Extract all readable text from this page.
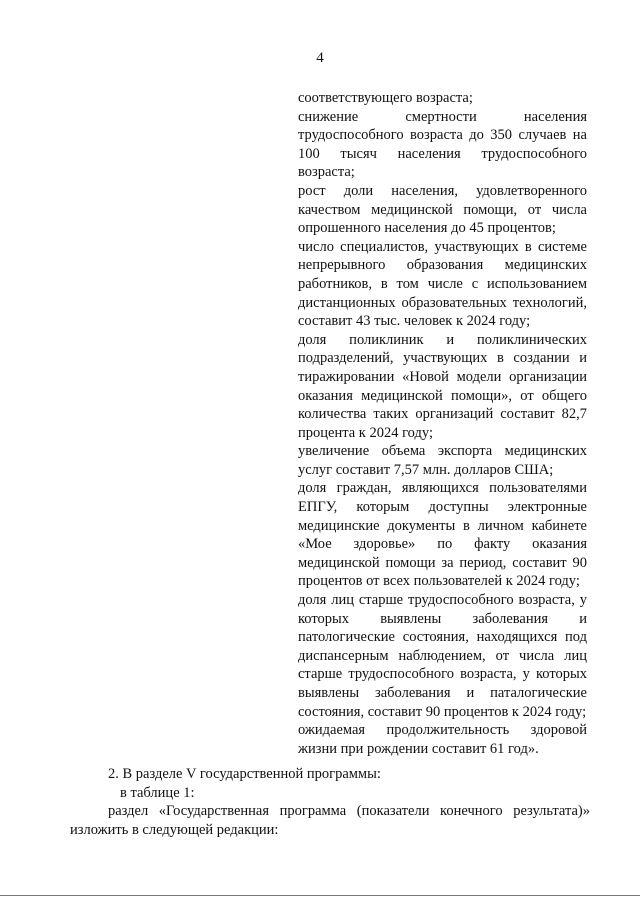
4

соответствующего возраста;

снижение смертности населения трудоспособного возраста до 350 случаев на 100 тысяч населения трудоспособного возраста;

рост доли населения, удовлетворенного качеством медицинской помощи, от числа опрошенного населения до 45 процентов;

число специалистов, участвующих в системе непрерывного образования медицинских работников, в том числе с использованием дистанционных образовательных технологий, составит 43 тыс. человек к 2024 году;

доля поликлиник и поликлинических подразделений, участвующих в создании и тиражировании «Новой модели организации оказания медицинской помощи», от общего количества таких организаций составит 82,7 процента к 2024 году;

увеличение объема экспорта медицинских услуг составит 7,57 млн. долларов США;

доля граждан, являющихся пользователями ЕПГУ, которым доступны электронные медицинские документы в личном кабинете «Мое здоровье» по факту оказания медицинской помощи за период, составит 90 процентов от всех пользователей к 2024 году;

доля лиц старше трудоспособного возраста, у которых выявлены заболевания и патологические состояния, находящихся под диспансерным наблюдением, от числа лиц старше трудоспособного возраста, у которых выявлены заболевания и паталогические состояния, составит 90 процентов к 2024 году;

ожидаемая продолжительность здоровой жизни при рождении составит 61 год».

2. В разделе V государственной программы:

в таблице 1:

раздел «Государственная программа (показатели конечного результата)»

изложить в следующей редакции:
